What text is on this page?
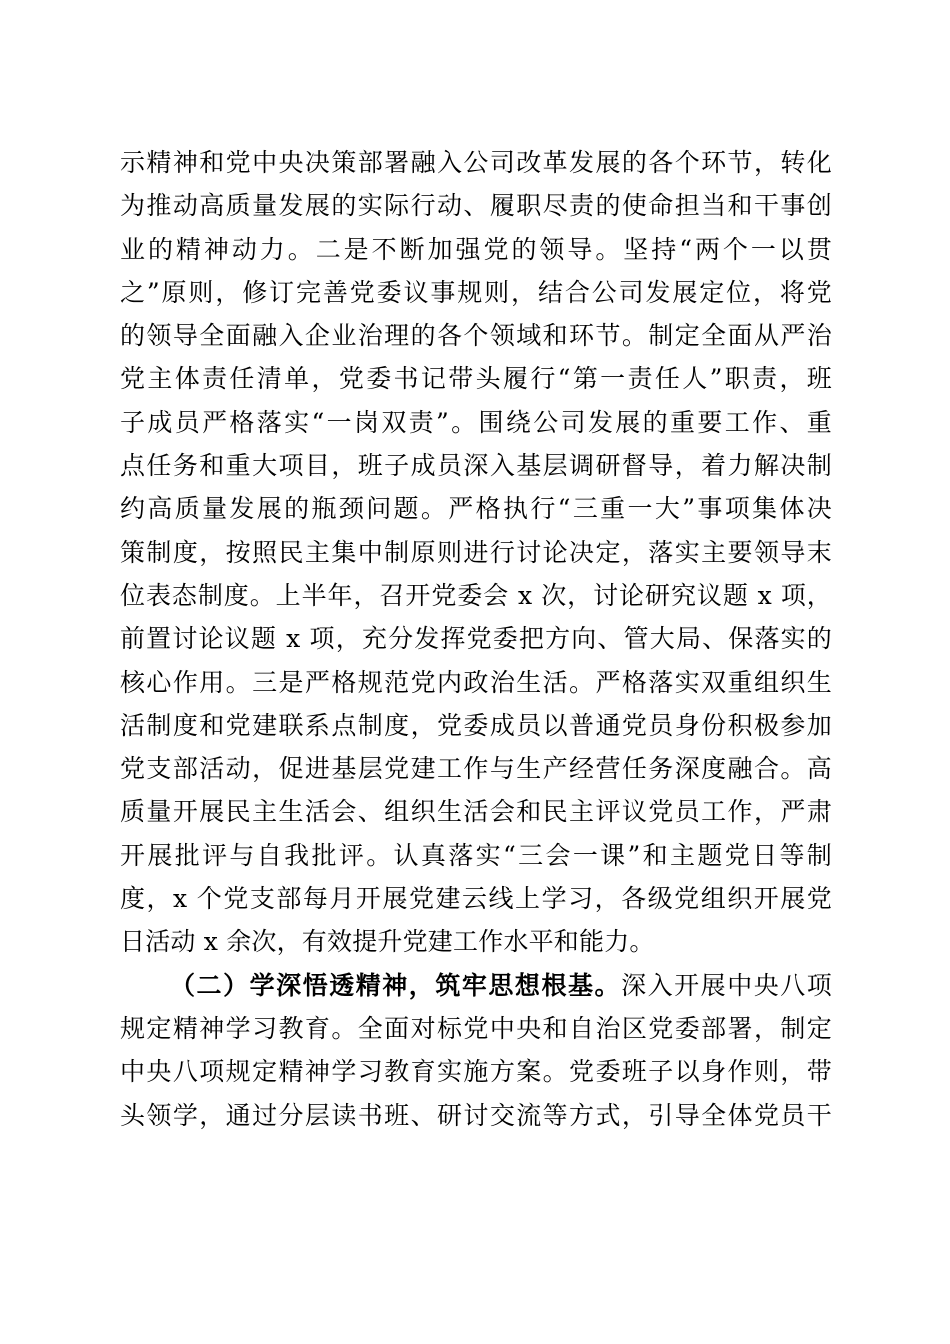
示精神和党中央决策部署融入公司改革发展的各个环节，转化
为推动高质量发展的实际行动、履职尽责的使命担当和干事创
业的精神动力。二是不断加强党的领导。坚持“两个一以贯
之”原则，修订完善党委议事规则，结合公司发展定位，将党
的领导全面融入企业治理的各个领域和环节。制定全面从严治
党主体责任清单，党委书记带头履行“第一责任人”职责，班
子成员严格落实“一岗双责”。围绕公司发展的重要工作、重
点任务和重大项目，班子成员深入基层调研督导，着力解决制
约高质量发展的瓶颈问题。严格执行“三重一大”事项集体决
策制度，按照民主集中制原则进行讨论决定，落实主要领导末
位表态制度。上半年，召开党委会 x 次，讨论研究议题 x 项，
前置讨论议题 x 项，充分发挥党委把方向、管大局、保落实的
核心作用。三是严格规范党内政治生活。严格落实双重组织生
活制度和党建联系点制度，党委成员以普通党员身份积极参加
党支部活动，促进基层党建工作与生产经营任务深度融合。高
质量开展民主生活会、组织生活会和民主评议党员工作，严肃
开展批评与自我批评。认真落实“三会一课”和主题党日等制
度，x 个党支部每月开展党建云线上学习，各级党组织开展党
日活动 x 余次，有效提升党建工作水平和能力。
（二）学深悟透精神，筑牢思想根基。深入开展中央八项
规定精神学习教育。全面对标党中央和自治区党委部署，制定
中央八项规定精神学习教育实施方案。党委班子以身作则，带
头领学，通过分层读书班、研讨交流等方式，引导全体党员干
